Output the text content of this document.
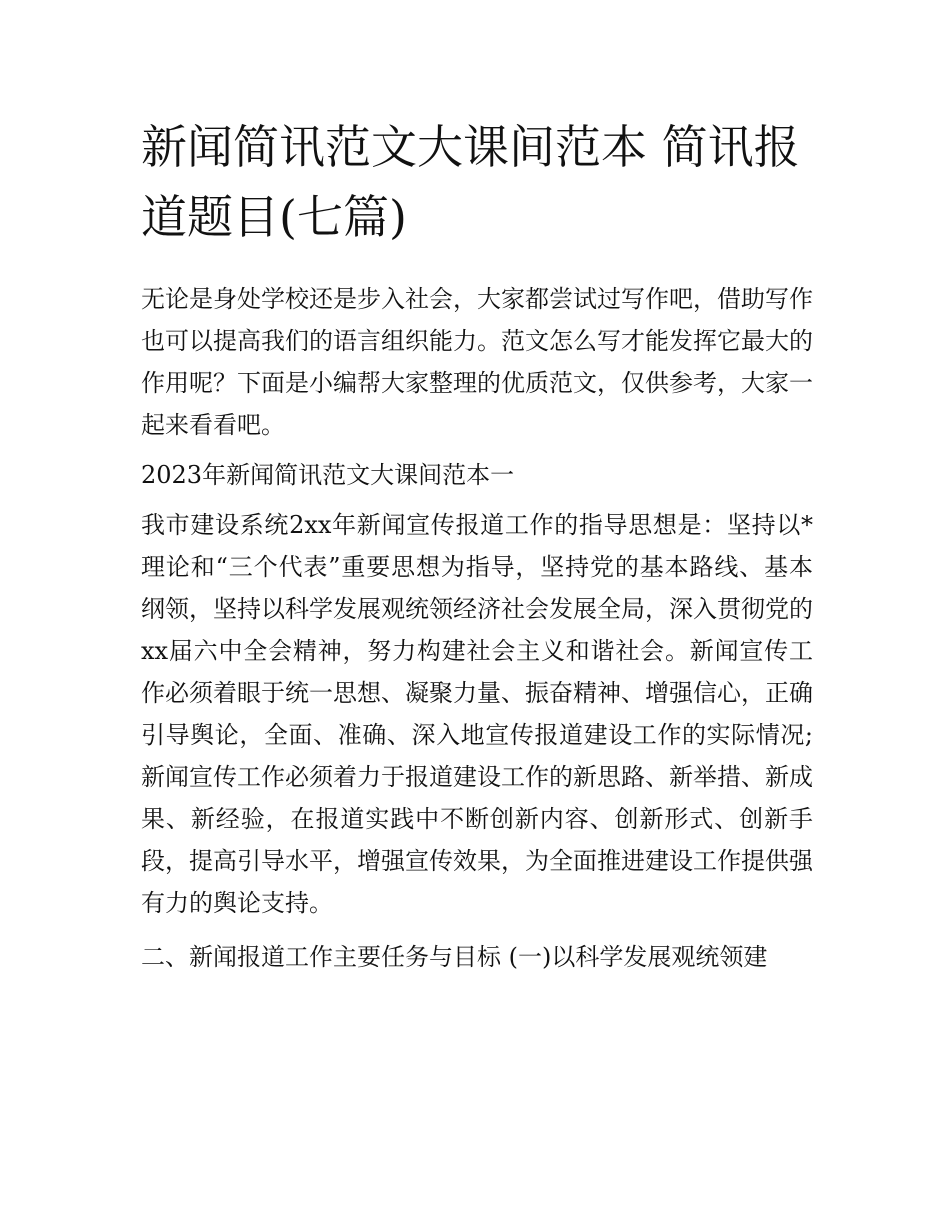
新闻简讯范文大课间范本 简讯报道题目(七篇)

无论是身处学校还是步入社会，大家都尝试过写作吧，借助写作也可以提高我们的语言组织能力。范文怎么写才能发挥它最大的作用呢？下面是小编帮大家整理的优质范文，仅供参考，大家一起来看看吧。

2023年新闻简讯范文大课间范本一

我市建设系统2xx年新闻宣传报道工作的指导思想是：坚持以*理论和“三个代表”重要思想为指导，坚持党的基本路线、基本纲领，坚持以科学发展观统领经济社会发展全局，深入贯彻党的xx届六中全会精神，努力构建社会主义和谐社会。新闻宣传工作必须着眼于统一思想、凝聚力量、振奋精神、增强信心，正确引导舆论，全面、准确、深入地宣传报道建设工作的实际情况;新闻宣传工作必须着力于报道建设工作的新思路、新举措、新成果、新经验，在报道实践中不断创新内容、创新形式、创新手段，提高引导水平，增强宣传效果，为全面推进建设工作提供强有力的舆论支持。

二、新闻报道工作主要任务与目标 (一)以科学发展观统领建
